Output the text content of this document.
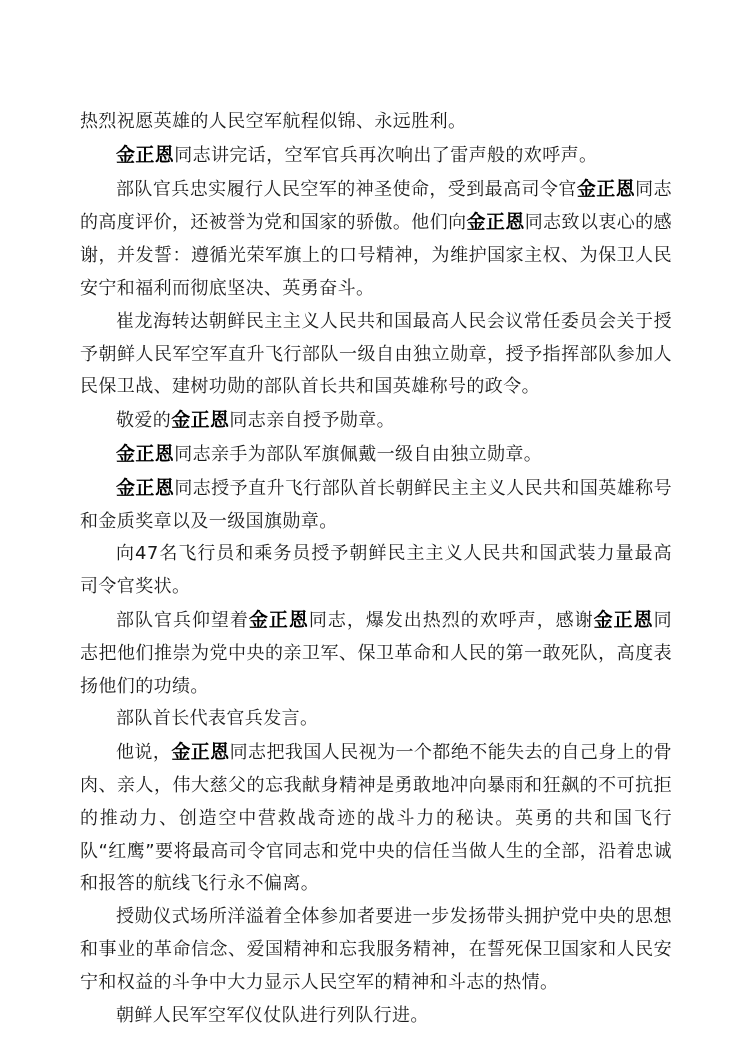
热烈祝愿英雄的人民空军航程似锦、永远胜利。

金正恩同志讲完话，空军官兵再次响出了雷声般的欢呼声。

部队官兵忠实履行人民空军的神圣使命，受到最高司令官金正恩同志的高度评价，还被誉为党和国家的骄傲。他们向金正恩同志致以衷心的感谢，并发誓：遵循光荣军旗上的口号精神，为维护国家主权、为保卫人民安宁和福利而彻底坚决、英勇奋斗。

崔龙海转达朝鲜民主主义人民共和国最高人民会议常任委员会关于授予朝鲜人民军空军直升飞行部队一级自由独立勋章，授予指挥部队参加人民保卫战、建树功勋的部队首长共和国英雄称号的政令。

敬爱的金正恩同志亲自授予勋章。

金正恩同志亲手为部队军旗佩戴一级自由独立勋章。

金正恩同志授予直升飞行部队首长朝鲜民主主义人民共和国英雄称号和金质奖章以及一级国旗勋章。

向47名飞行员和乘务员授予朝鲜民主主义人民共和国武装力量最高司令官奖状。

部队官兵仰望着金正恩同志，爆发出热烈的欢呼声，感谢金正恩同志把他们推崇为党中央的亲卫军、保卫革命和人民的第一敢死队，高度表扬他们的功绩。

部队首长代表官兵发言。

他说，金正恩同志把我国人民视为一个都绝不能失去的自己身上的骨肉、亲人，伟大慈父的忘我献身精神是勇敢地冲向暴雨和狂飙的不可抗拒的推动力、创造空中营救战奇迹的战斗力的秘诀。英勇的共和国飞行队“红鹰”要将最高司令官同志和党中央的信任当做人生的全部，沿着忠诚和报答的航线飞行永不偏离。

授勋仪式场所洋溢着全体参加者要进一步发扬带头拥护党中央的思想和事业的革命信念、爱国精神和忘我服务精神，在誓死保卫国家和人民安宁和权益的斗争中大力显示人民空军的精神和斗志的热情。

朝鲜人民军空军仪仗队进行列队行进。
